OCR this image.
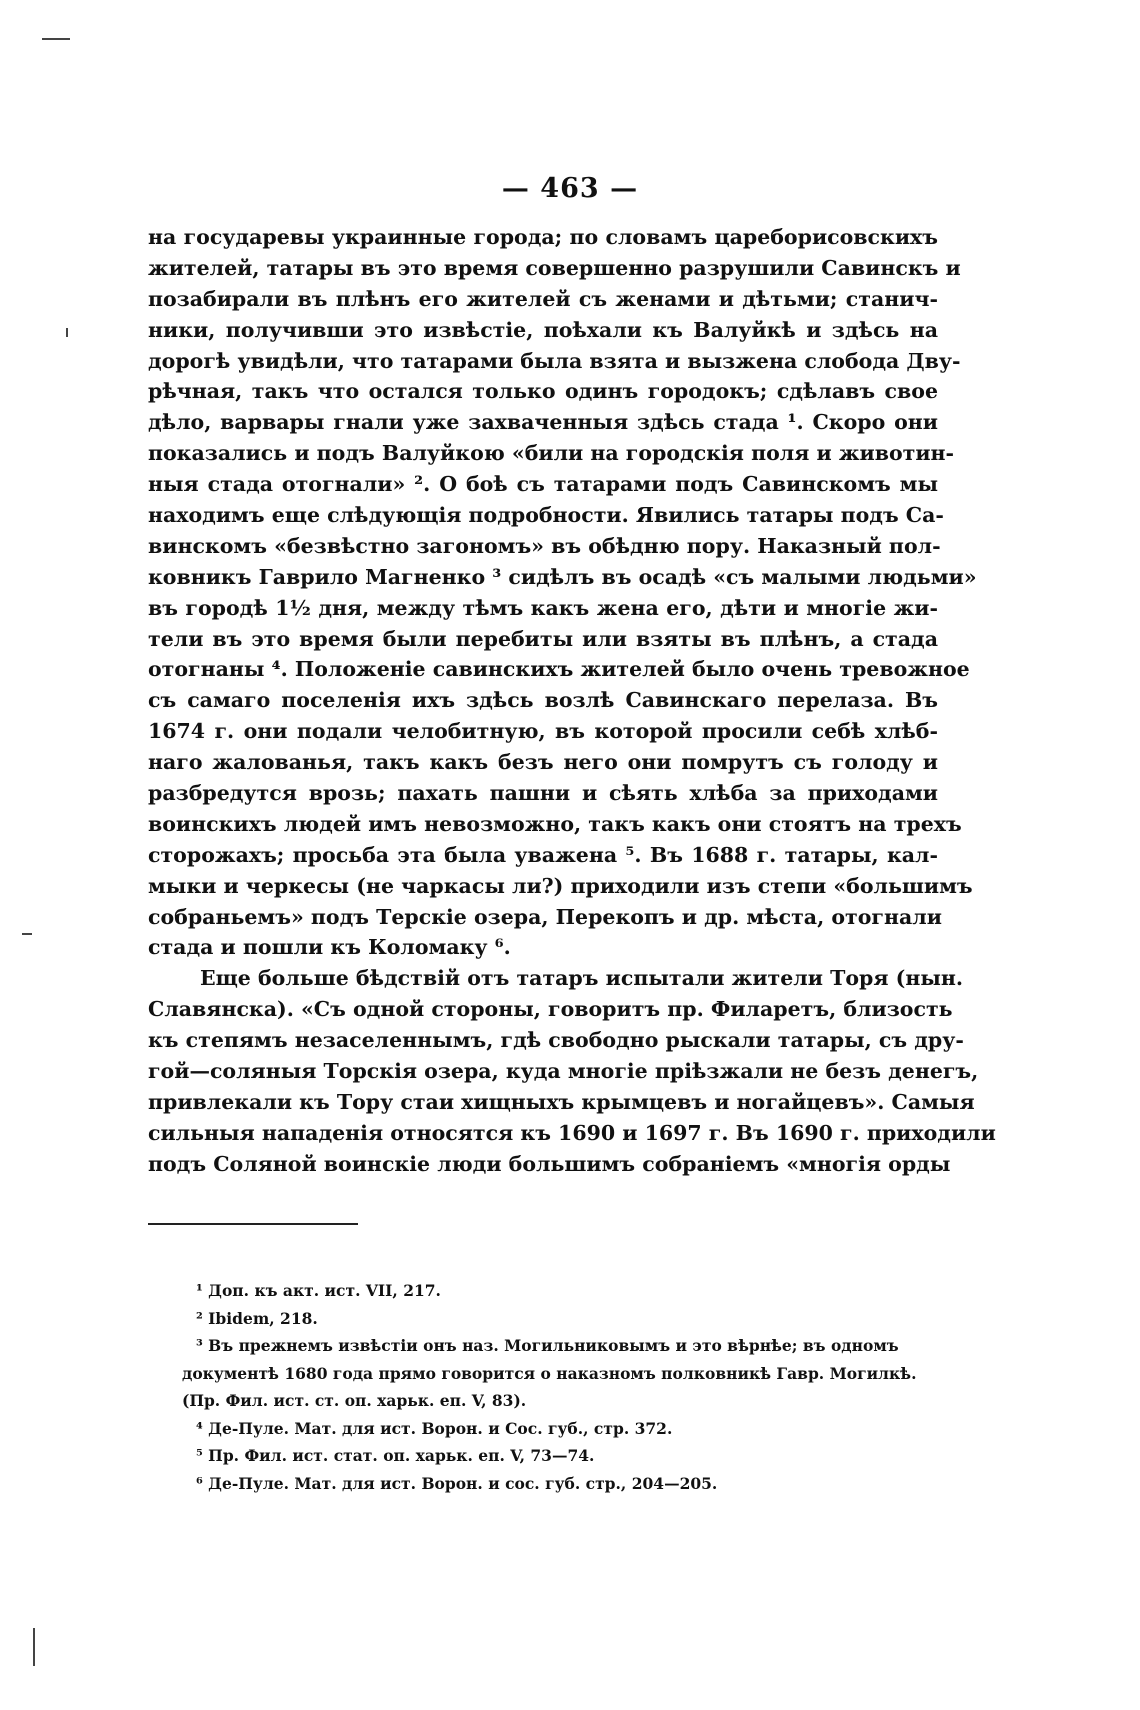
— 463 —
на государевы украинные города; по словамъ цареборисовскихъ
жителей, татары въ это время совершенно разрушили Савинскъ и
позабирали въ плѣнъ его жителей съ женами и дѣтьми; станич-
ники, получивши это извѣстіе, поѣхали къ Валуйкѣ и здѣсь на
дорогѣ увидѣли, что татарами была взята и вызжена слобода Дву-
рѣчная, такъ что остался только одинъ городокъ; сдѣлавъ свое
дѣло, варвары гнали уже захваченныя здѣсь стада ¹. Скоро они
показались и подъ Валуйкою «били на городскія поля и животин-
ныя стада отогнали» ². О боѣ съ татарами подъ Савинскомъ мы
находимъ еще слѣдующія подробности. Явились татары подъ Са-
винскомъ «безвѣстно загономъ» въ обѣдню пору. Наказный пол-
ковникъ Гаврило Магненко ³ сидѣлъ въ осадѣ «съ малыми людьми»
въ городѣ 1½ дня, между тѣмъ какъ жена его, дѣти и многіе жи-
тели въ это время были перебиты или взяты въ плѣнъ, а стада
отогнаны ⁴. Положеніе савинскихъ жителей было очень тревожное
съ самаго поселенія ихъ здѣсь возлѣ Савинскаго перелаза. Въ
1674 г. они подали челобитную, въ которой просили себѣ хлѣб-
наго жалованья, такъ какъ безъ него они помрутъ съ голоду и
разбредутся врозь; пахать пашни и сѣять хлѣба за приходами
воинскихъ людей имъ невозможно, такъ какъ они стоятъ на трехъ
сторожахъ; просьба эта была уважена ⁵. Въ 1688 г. татары, кал-
мыки и черкесы (не чаркасы ли?) приходили изъ степи «большимъ
собраньемъ» подъ Терскіе озера, Перекопъ и др. мѣста, отогнали
стада и пошли къ Коломаку ⁶.
Еще больше бѣдствій отъ татаръ испытали жители Торя (нын.
Славянска). «Съ одной стороны, говоритъ пр. Филаретъ, близость
къ степямъ незаселеннымъ, гдѣ свободно рыскали татары, съ дру-
гой—соляныя Торскія озера, куда многіе пріѣзжали не безъ денегъ,
привлекали къ Тору стаи хищныхъ крымцевъ и ногайцевъ». Самыя
сильныя нападенія относятся къ 1690 и 1697 г. Въ 1690 г. приходили
подъ Соляной воинскіе люди большимъ собраніемъ «многія орды
¹ Доп. къ акт. ист. VII, 217.
² Ibidem, 218.
³ Въ прежнемъ извѣстіи онъ наз. Могильниковымъ и это вѣрнѣе; въ одномъ
документѣ 1680 года прямо говорится о наказномъ полковникѣ Гавр. Могилкѣ.
(Пр. Фил. ист. ст. оп. харьк. еп. V, 83).
⁴ Де-Пуле. Мат. для ист. Ворон. и Сос. губ., стр. 372.
⁵ Пр. Фил. ист. стат. оп. харьк. еп. V, 73—74.
⁶ Де-Пуле. Мат. для ист. Ворон. и сос. губ. стр., 204—205.
